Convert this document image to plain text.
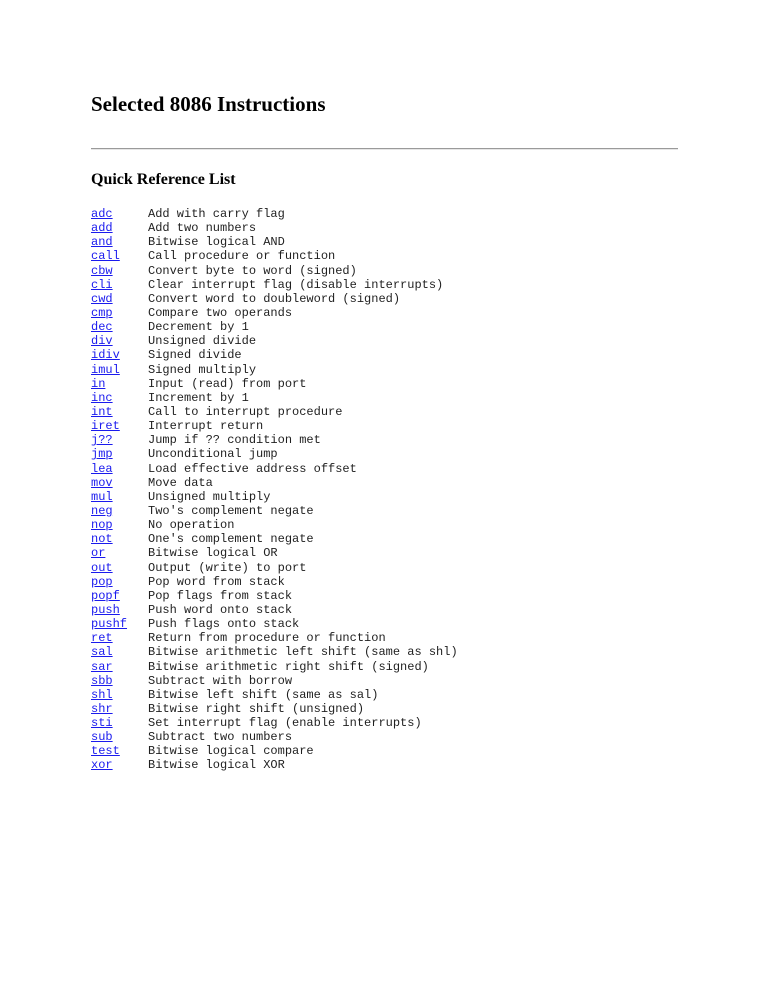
Selected 8086 Instructions
Quick Reference List
adc	Add with carry flag
add	Add two numbers
and	Bitwise logical AND
call	Call procedure or function
cbw	Convert byte to word (signed)
cli	Clear interrupt flag (disable interrupts)
cwd	Convert word to doubleword (signed)
cmp	Compare two operands
dec	Decrement by 1
div	Unsigned divide
idiv	Signed divide
imul	Signed multiply
in	Input (read) from port
inc	Increment by 1
int	Call to interrupt procedure
iret	Interrupt return
j??	Jump if ?? condition met
jmp	Unconditional jump
lea	Load effective address offset
mov	Move data
mul	Unsigned multiply
neg	Two's complement negate
nop	No operation
not	One's complement negate
or	Bitwise logical OR
out	Output (write) to port
pop	Pop word from stack
popf	Pop flags from stack
push	Push word onto stack
pushf	Push flags onto stack
ret	Return from procedure or function
sal	Bitwise arithmetic left shift (same as shl)
sar	Bitwise arithmetic right shift (signed)
sbb	Subtract with borrow
shl	Bitwise left shift (same as sal)
shr	Bitwise right shift (unsigned)
sti	Set interrupt flag (enable interrupts)
sub	Subtract two numbers
test	Bitwise logical compare
xor	Bitwise logical XOR
